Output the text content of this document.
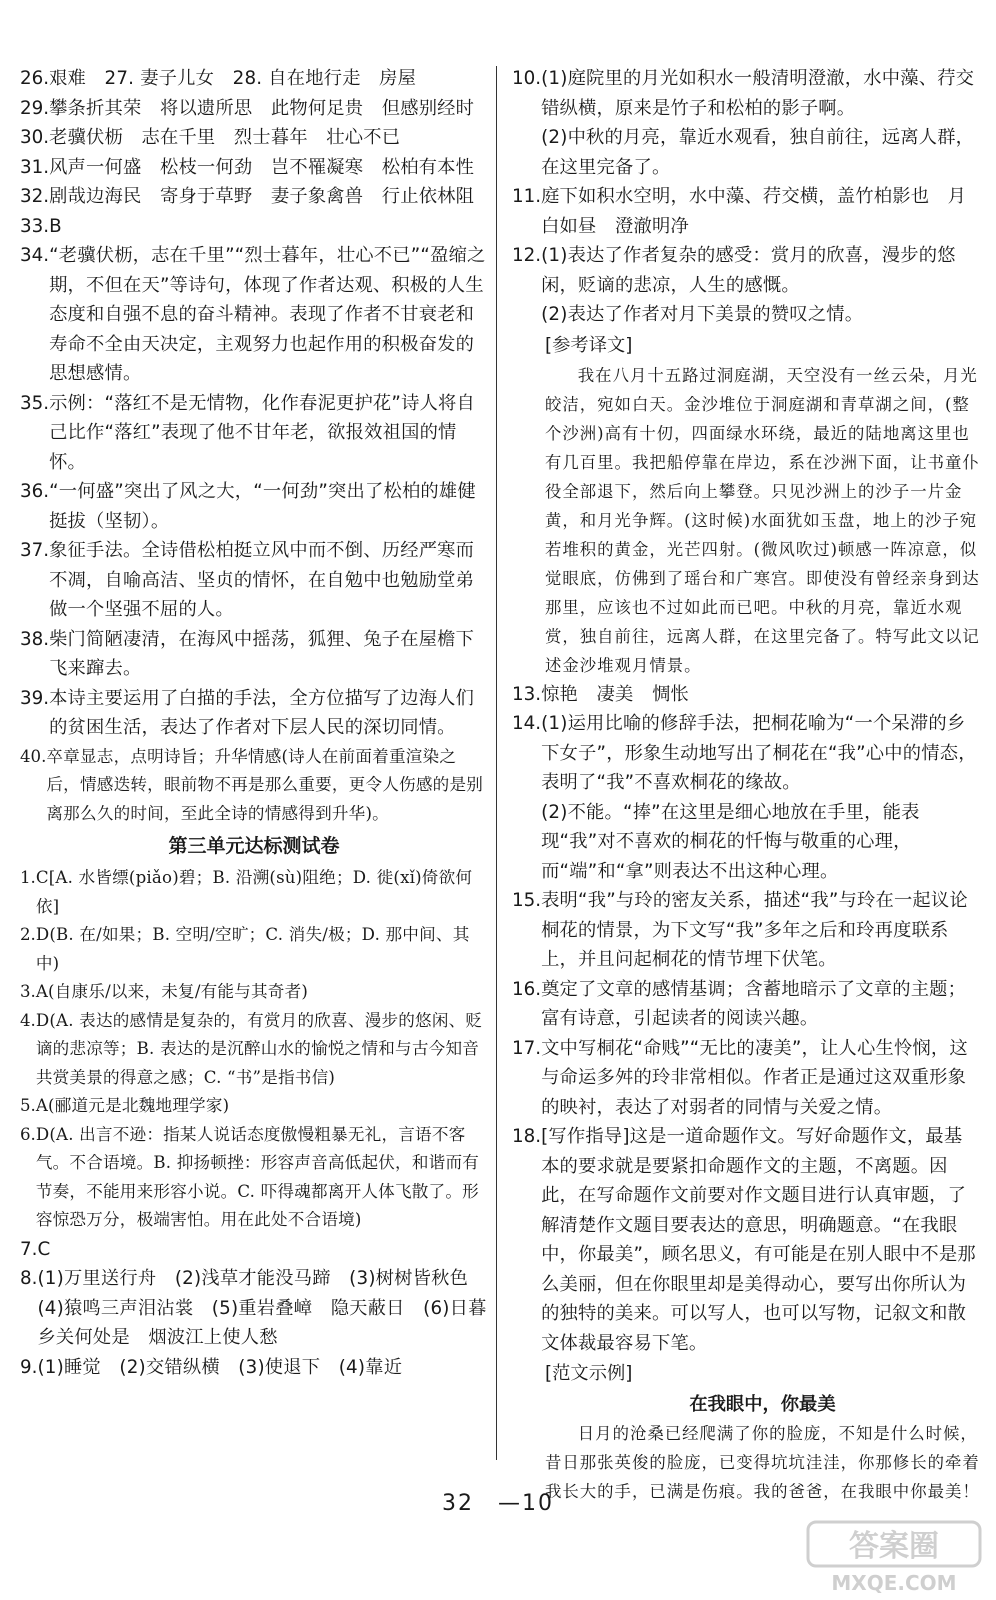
26. 艰难　27. 妻子儿女　28. 自在地行走　房屋
29. 攀条折其荣　将以遗所思　此物何足贵　但感别经时
30. 老骥伏枥　志在千里　烈士暮年　壮心不已
31. 风声一何盛　松枝一何劲　岂不罹凝寒　松柏有本性
32. 剧哉边海民　寄身于草野　妻子象禽兽　行止依林阻
33. B
34. “老骥伏枥，志在千里”“烈士暮年，壮心不已”“盈缩之期，不但在天”等诗句，体现了作者达观、积极的人生态度和自强不息的奋斗精神。表现了作者不甘衰老和寿命不全由天决定，主观努力也起作用的积极奋发的思想感情。
35. 示例：“落红不是无情物，化作春泥更护花”诗人将自己比作“落红”表现了他不甘年老，欲报效祖国的情怀。
36. “一何盛”突出了风之大，“一何劲”突出了松柏的雄健挺拔（坚韧）。
37. 象征手法。全诗借松柏挺立风中而不倒、历经严寒而不凋，自喻高洁、坚贞的情怀，在自勉中也勉励堂弟做一个坚强不屈的人。
38. 柴门简陋凄清，在海风中摇荡，狐狸、兔子在屋檐下飞来蹿去。
39. 本诗主要运用了白描的手法，全方位描写了边海人们的贫困生活，表达了作者对下层人民的深切同情。
40. 卒章显志，点明诗旨；升华情感(诗人在前面着重渲染之后，情感迭转，眼前物不再是那么重要，更令人伤感的是别离那么久的时间，至此全诗的情感得到升华)。
第三单元达标测试卷
1. C[A. 水皆缥(piǎo)碧；B. 沿溯(sù)阻绝；D. 徙(xǐ)倚欲何依]
2. D(B. 在/如果；B. 空明/空旷；C. 消失/极；D. 那中间、其中)
3. A(自康乐/以来，未复/有能与其奇者)
4. D(A. 表达的感情是复杂的，有赏月的欣喜、漫步的悠闲、贬谪的悲凉等；B. 表达的是沉醉山水的愉悦之情和与古今知音共赏美景的得意之感；C. “书”是指书信)
5. A(郦道元是北魏地理学家)
6. D(A. 出言不逊：指某人说话态度傲慢粗暴无礼，言语不客气。不合语境。B. 抑扬顿挫：形容声音高低起伏，和谐而有节奏，不能用来形容小说。C. 吓得魂都离开人体飞散了。形容惊恐万分，极端害怕。用在此处不合语境)
7. C
8. (1)万里送行舟　(2)浅草才能没马蹄　(3)树树皆秋色　(4)猿鸣三声泪沾裳　(5)重岩叠嶂　隐天蔽日　(6)日暮乡关何处是　烟波江上使人愁
9. (1)睡觉　(2)交错纵横　(3)使退下　(4)靠近
10. (1)庭院里的月光如积水一般清明澄澈，水中藻、荇交错纵横，原来是竹子和松柏的影子啊。
(2)中秋的月亮，靠近水观看，独自前往，远离人群，在这里完备了。
11. 庭下如积水空明，水中藻、荇交横，盖竹柏影也　月白如昼　澄澈明净
12. (1)表达了作者复杂的感受：赏月的欣喜，漫步的悠闲，贬谪的悲凉，人生的感慨。
(2)表达了作者对月下美景的赞叹之情。
[参考译文]
我在八月十五路过洞庭湖，天空没有一丝云朵，月光皎洁，宛如白天。金沙堆位于洞庭湖和青草湖之间，(整个沙洲)高有十仞，四面绿水环绕，最近的陆地离这里也有几百里。我把船停靠在岸边，系在沙洲下面，让书童仆役全部退下，然后向上攀登。只见沙洲上的沙子一片金黄，和月光争辉。(这时候)水面犹如玉盘，地上的沙子宛若堆积的黄金，光芒四射。(微风吹过)顿感一阵凉意，似觉眼底，仿佛到了瑶台和广寒宫。即使没有曾经亲身到达那里，应该也不过如此而已吧。中秋的月亮，靠近水观赏，独自前往，远离人群，在这里完备了。特写此文以记述金沙堆观月情景。
13. 惊艳　凄美　惆怅
14. (1)运用比喻的修辞手法，把桐花喻为“一个呆滞的乡下女子”，形象生动地写出了桐花在“我”心中的情态，表明了“我”不喜欢桐花的缘故。
(2)不能。“捧”在这里是细心地放在手里，能表现“我”对不喜欢的桐花的忏悔与敬重的心理，而“端”和“拿”则表达不出这种心理。
15. 表明“我”与玲的密友关系，描述“我”与玲在一起议论桐花的情景，为下文写“我”多年之后和玲再度联系上，并且问起桐花的情节埋下伏笔。
16. 奠定了文章的感情基调；含蓄地暗示了文章的主题；富有诗意，引起读者的阅读兴趣。
17. 文中写桐花“命贱”“无比的凄美”，让人心生怜悯，这与命运多舛的玲非常相似。作者正是通过这双重形象的映衬，表达了对弱者的同情与关爱之情。
18. [写作指导]这是一道命题作文。写好命题作文，最基本的要求就是要紧扣命题作文的主题，不离题。因此，在写命题作文前要对作文题目进行认真审题，了解清楚作文题目要表达的意思，明确题意。“在我眼中，你最美”，顾名思义，有可能是在别人眼中不是那么美丽，但在你眼里却是美得动心，要写出你所认为的独特的美来。可以写人，也可以写物，记叙文和散文体裁最容易下笔。
[范文示例]
在我眼中，你最美
日月的沧桑已经爬满了你的脸庞，不知是什么时候，昔日那张英俊的脸庞，已变得坑坑洼洼，你那修长的牵着我长大的手，已满是伤痕。我的爸爸，在我眼中你最美！
32　—10
答案圈
MXQE.COM
